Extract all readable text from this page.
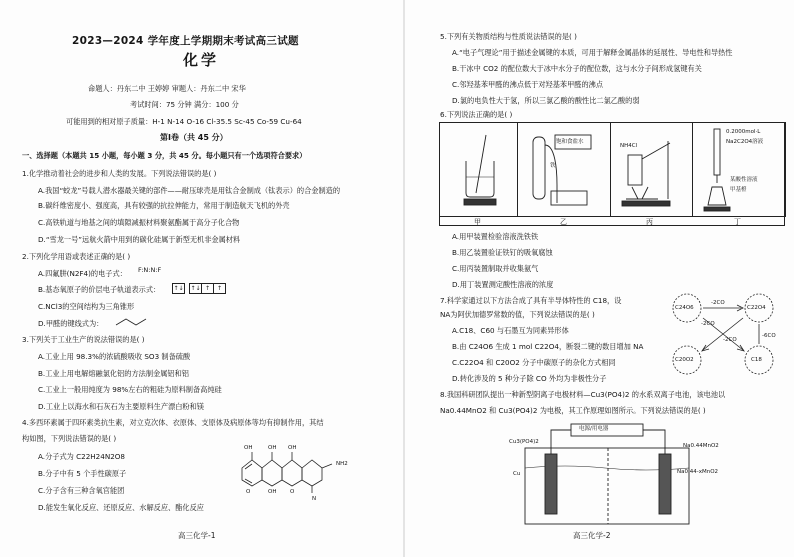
2023—2024 学年度上学期期末考试高三试题
化学
命题人：丹东二中 王婷婷 审题人：丹东二中 宋华
考试时间：75 分钟 满分：100 分
可能用到的相对原子质量：H-1 N-14 O-16 Cl-35.5 Sc-45 Co-59 Cu-64
第Ⅰ卷（共 45 分）
一、选择题（本题共 15 小题，每小题 3 分，共 45 分。每小题只有一个选项符合要求）
1.化学推动着社会的进步和人类的发展。下列说法错误的是( )
A.我国“蛟龙”号载人潜水器最关键的部件——耐压球壳是用钛合金制成（钛表示）的合金制造的
B.碳纤维密度小、强度高，具有较强的抗拉伸能力，常用于制造航天飞机的外壳
C.高铁轨道与地基之间的填隙减振材料聚氨酯属于高分子化合物
D.“雪龙一号”远航火箭中用到的碳化硅属于新型无机非金属材料
2.下列化学用语或表述正确的是( )
A.四氟肼(N2F4)的电子式： F:N:N:F
B.基态氧原子的价层电子轨道表示式： ↑↓ ↑↓ ↑	↑
C.NCl3的空间结构为三角锥形
D.甲醛的键线式为：
3.下列关于工业生产的说法错误的是( )
A.工业上用 98.3%的浓硫酸吸收 SO3 制备硫酸
B.工业上用电解熔融氯化铝的方法制金属铝和铝
C.工业上一般用纯度为 98%左右的粗硅为原料制备高纯硅
D.工业上以海水和石灰石为主要原料生产漂白粉和镁
4.多西环素属于四环素类抗生素，对立克次体、衣原体、支原体及病原体等均有抑制作用，其结
构如图，下列说法错误的是( )
A.分子式为 C22H24N2O8
B.分子中有 5 个手性碳原子
C.分子含有三种含氧官能团
D.能发生氧化反应、还原反应、水解反应、酯化反应
OH	OH OH
NH2
O	OH O
N
高三化学-1
5.下列有关物质结构与性质说法错误的是( )
A.“电子气理论”用于描述金属键的本质，可用于解释金属晶体的延展性、导电性和导热性
B.干冰中 CO2 的配位数大于冰中水分子的配位数，这与水分子间形成氢键有关
C.邻羟基苯甲醛的沸点低于对羟基苯甲醛的沸点
D.氯的电负性大于氢，所以三氯乙酸的酸性比二氯乙酸的弱
6.下列说法正确的是( )
甲	乙	丙	丁
饱和食盐水
铁
NH4Cl
0.2000mol·L
Na2C2O4溶液
某酸性溶液
甲基橙
A.用甲装置检验溶液洗铁铁
B.用乙装置验证铁钉的吸氧腐蚀
C.用丙装置制取并收集氨气
D.用丁装置测定酸性溶液的浓度
7.科学家通过以下方法合成了具有半导体特性的 C18，设
NA为阿伏加德罗常数的值，下列说法错误的是( )
A.C18、C60 与石墨互为同素异形体
B.由 C24O6 生成 1 mol C22O4，断裂二键的数目增加 NA
C.C22O4 和 C20O2 分子中碳原子的杂化方式相同
D.转化涉及的 5 种分子除 CO 外均为非极性分子
C24O6	C22O4
C20O2	C18
-2CO
-2CO
-2CO
-6CO
8.我国科研团队提出一种新型阴离子电极材料—Cu3(PO4)2 的水系双离子电池，该电池以
Na0.44MnO2 和 Cu3(PO4)2 为电极，其工作原理如图所示。下列说法错误的是( )
电源/用电器
Cu3(PO4)2
Na0.44MnO2
Cu	Na0.44-xMnO2
高三化学-2
